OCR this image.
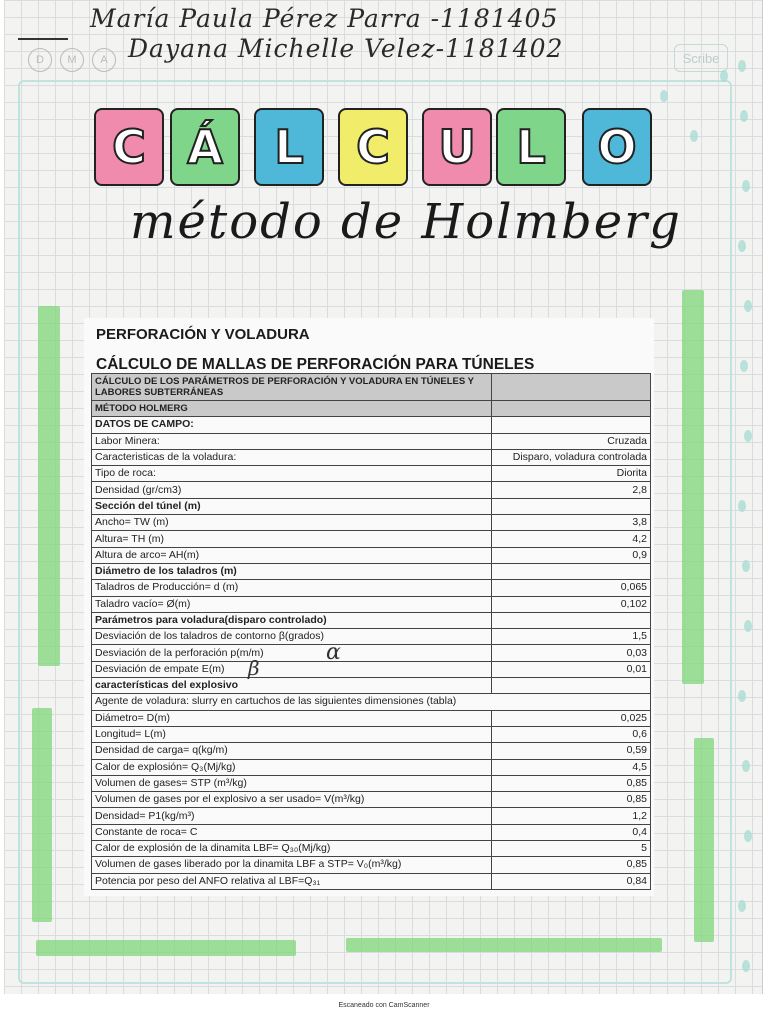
María Paula Pérez Parra -1181405
Dayana Michelle Velez-1181402
D	M	A	Scribe
C Á	L	C	U L	O
método de Holmberg
PERFORACIÓN Y VOLADURA
CÁLCULO DE MALLAS DE PERFORACIÓN PARA TÚNELES
CÁLCULO DE LOS PARÁMETROS DE PERFORACIÓN Y VOLADURA EN TÚNELES Y LABORES SUBTERRÁNEAS	
MÉTODO HOLMERG	
DATOS DE CAMPO:	
Labor Minera:	Cruzada
Caracteristicas de la voladura:	Disparo, voladura controlada
Tipo de roca:	Diorita
Densidad (gr/cm3)	2,8
Sección del túnel (m)	
Ancho= TW (m)	3,8
Altura= TH (m)	4,2
Altura de arco= AH(m)	0,9
Diámetro de los taladros (m)	
Taladros de Producción= d (m)	0,065
Taladro vacío= Ø(m)	0,102
Parámetros para voladura(disparo controlado)	
Desviación de los taladros de contorno β(grados)	1,5
Desviación de la perforación p(m/m)	0,03
Desviación de empate E(m)	0,01
características del explosivo	
Agente de voladura: slurry en cartuchos de las siguientes dimensiones (tabla)	
Diámetro= D(m)	0,025
Longitud= L(m)	0,6
Densidad de carga= q(kg/m)	0,59
Calor de explosión= Q₃(Mj/kg)	4,5
Volumen de gases= STP (m³/kg)	0,85
Volumen de gases por el explosivo a ser usado= V(m³/kg)	0,85
Densidad= P1(kg/m³)	1,2
Constante de roca= C	0,4
Calor de explosión de la dinamita LBF= Q₃₀(Mj/kg)	5
Volumen de gases liberado por la dinamita LBF a STP= V₀(m³/kg)	0,85
Potencia por peso del ANFO relativa al LBF=Q₃₁	0,84
α
β
Escaneado con CamScanner
